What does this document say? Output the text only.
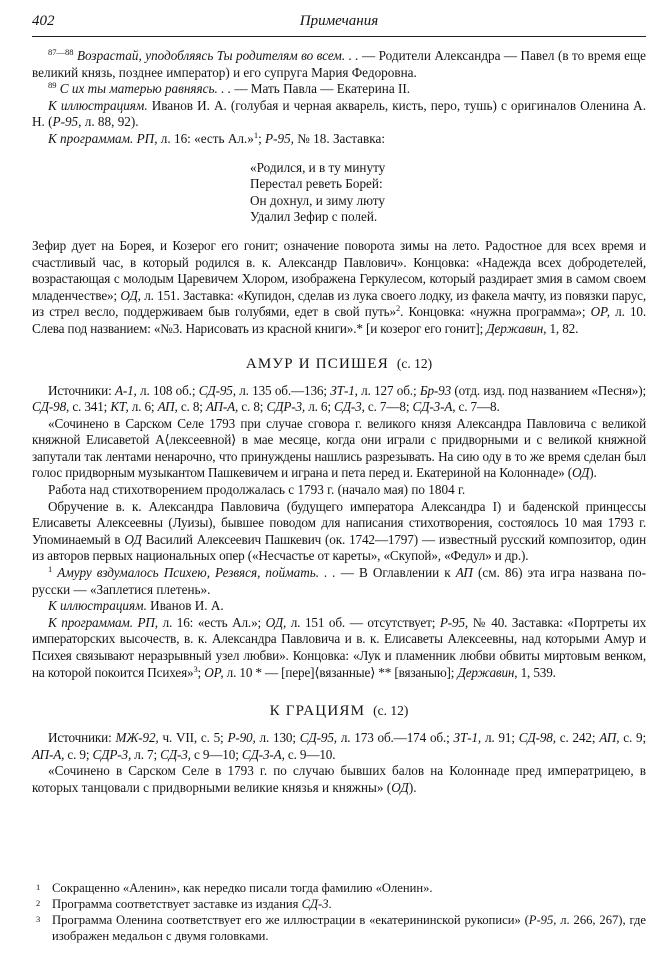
402	Примечания

$^{87—88}$ Возрастай, уподобляясь Ты родителям во всем. . . — Родители Александра — Павел (в то время еще великий князь, позднее император) и его супруга Мария Федоровна.

$^{89}$ С их ты матерью равняясь. . . — Мать Павла — Екатерина II.

К иллюстрациям. Иванов И. А. (голубая и черная акварель, кисть, перо, тушь) с оригиналов Оленина А. Н. (Р-95, л. 88, 92).

К программам. РП, л. 16: «есть Ал.»$^1$; Р-95, № 18. Заставка:

«Родился, и в ту минуту
Перестал реветь Борей:
Он дохнул, и зиму люту
Удалил Зефир с полей.

Зефир дует на Борея, и Козерог его гонит; означение поворота зимы на лето. Радостное для всех время и счастливый час, в который родился в. к. Александр Павлович». Концовка: «Надежда всех добродетелей, возрастающая с молодым Царевичем Хлором, изображена Геркулесом, который раздирает змия в самом своем младенчестве»; ОД, л. 151. Заставка: «Купидон, сделав из лука своего лодку, из факела мачту, из повязки парус, из стрел весло, поддерживаем быв голубями, едет в свой путь»$^2$. Концовка: «нужна программа»; ОР, л. 10. Слева под названием: «№3. Нарисовать из красной книги».* [и козерог его гонит]; Державин, 1, 82.

АМУР И ПСИШЕЯ (с. 12)

Источники: А-1, л. 108 об.; СД-95, л. 135 об.—136; ЗТ-1, л. 127 об.; Бр-93 (отд. изд. под названием «Песня»); СД-98, с. 341; КТ, л. 6; АП, с. 8; АП-А, с. 8; СДР-3, л. 6; СД-3, с. 7—8; СД-3-А, с. 7—8.

«Сочинено в Сарском Селе 1793 при случае сговора г. великого князя Александра Павловича с великой княжной Елисаветой А⟨лексеевной⟩ в мае месяце, когда они играли с придворными и с великой княжной запутали так лентами ненарочно, что принуждены нашлись разрезывать. На сию оду в то же время сделан был голос придворным музыкантом Пашкевичем и играна и пета перед и. Екатериной на Колоннаде» (ОД).

Работа над стихотворением продолжалась с 1793 г. (начало мая) по 1804 г.

Обручение в. к. Александра Павловича (будущего императора Александра I) и баденской принцессы Елисаветы Алексеевны (Луизы), бывшее поводом для написания стихотворения, состоялось 10 мая 1793 г. Упоминаемый в ОД Василий Алексеевич Пашкевич (ок. 1742—1797) — известный русский композитор, один из авторов первых национальных опер («Несчастье от кареты», «Скупой», «Федул» и др.).

$^1$ Амуру вздумалось Психею, Резвяся, поймать. . . — В Оглавлении к АП (см. 86) эта игра названа по-русски — «Заплетися плетень».

К иллюстрациям. Иванов И. А.

К программам. РП, л. 16: «есть Ал.»; ОД, л. 151 об. — отсутствует; Р-95, № 40. Заставка: «Портреты их императорских высочеств, в. к. Александра Павловича и в. к. Елисаветы Алексеевны, над которыми Амур и Психея связывают неразрывный узел любви». Концовка: «Лук и пламенник любви обвиты миртовым венком, на которой покоится Психея»$^3$; ОР, л. 10 * — [пере]⟨вязанные⟩ ** [вязаныю]; Державин, 1, 539.

К ГРАЦИЯМ (с. 12)

Источники: МЖ-92, ч. VII, с. 5; Р-90, л. 130; СД-95, л. 173 об.—174 об.; ЗТ-1, л. 91; СД-98, с. 242; АП, с. 9; АП-А, с. 9; СДР-3, л. 7; СД-3, с 9—10; СД-3-А, с. 9—10.

«Сочинено в Сарском Селе в 1793 г. по случаю бывших балов на Колоннаде пред императрицею, в которых танцовали с придворными великие князья и княжны» (ОД).

1 Сокращенно «Аленин», как нередко писали тогда фамилию «Оленин».

2 Программа соответствует заставке из издания СД-3.

3 Программа Оленина соответствует его же иллюстрации в «екатерининской рукописи» (Р-95, л. 266, 267), где изображен медальон с двумя головками.
